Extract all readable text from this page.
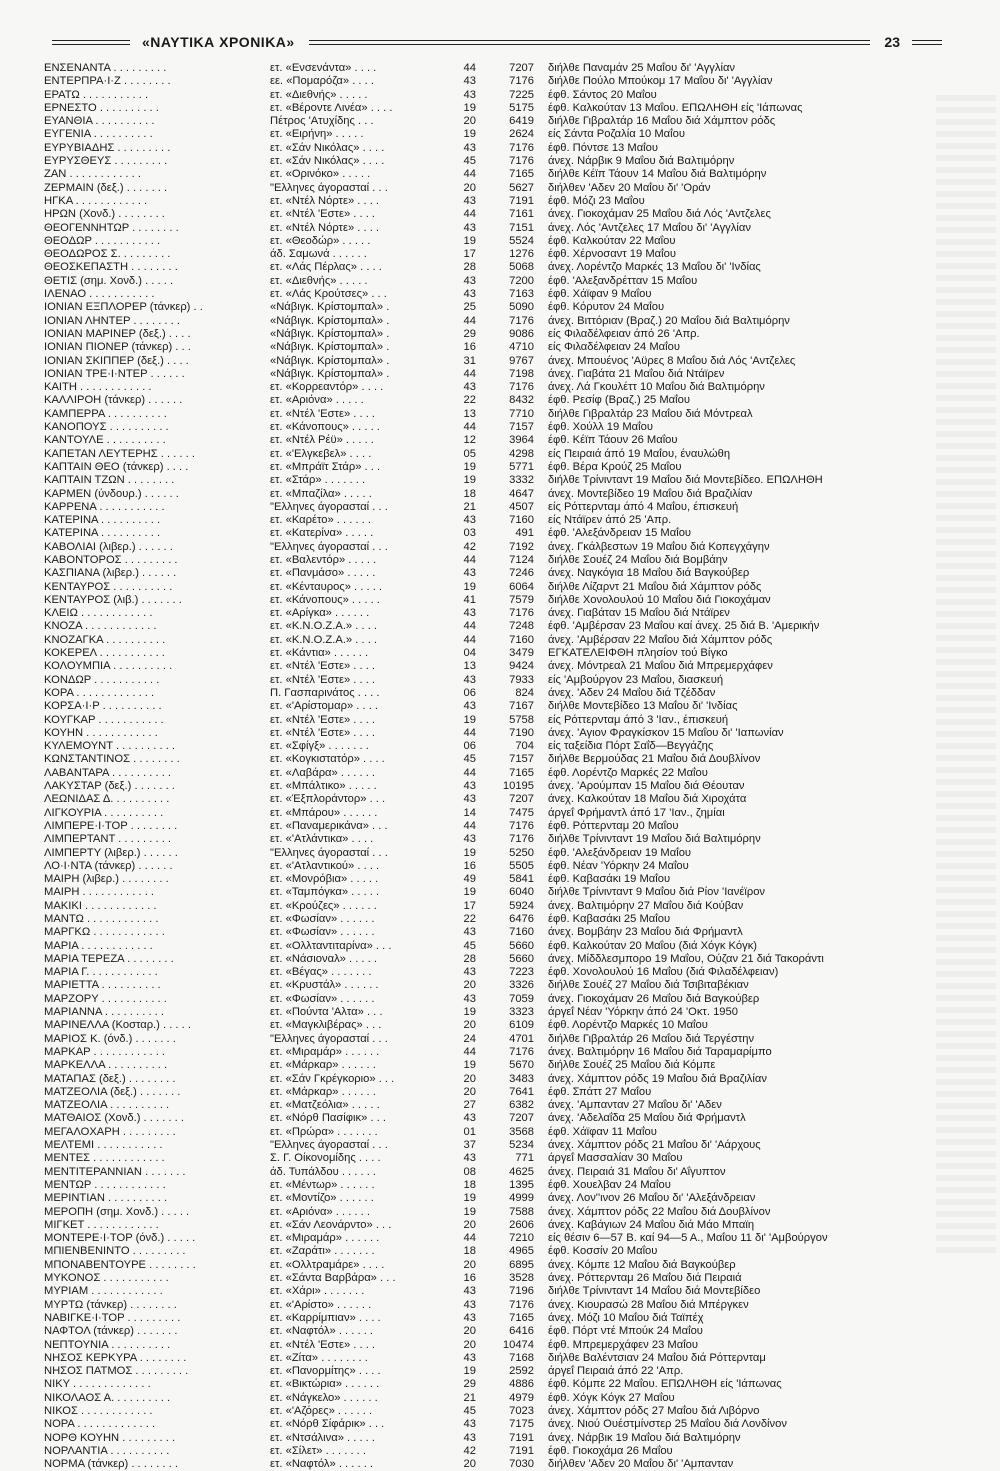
«ΝΑΥΤΙΚΑ ΧΡΟΝΙΚΑ»	23
ΕΝΣΕΝΑΝΤΑ . . . . . . . . .	ετ. «Ενσενάντα» . . . .	44	7207	διήλθε Παναμάν 25 Μαΐου δι' 'Αγγλίαν
ΕΝΤΕΡΠΡΑ·Ι·Ζ . . . . . . . .	εε. «Πομαρόζα» . . . .	43	7176	διήλθε Πούλο Μπούκομ 17 Μαΐου δι' 'Αγγλίαν
ΕΡΑΤΩ . . . . . . . . . . .	ετ. «Διεθνής» . . . . .	43	7225	έφθ. Σάντος 20 Μαΐου
ΕΡΝΕΣΤΟ . . . . . . . . . .	ετ. «Βέροντε Λινέα» . . . .	19	5175	έφθ. Καλκούταν 13 Μαΐου. ΕΠΩΛΗΘΗ είς 'Ιάπωνας
ΕΥΑΝΘΙΑ . . . . . . . . . .	Πέτρος 'Ατυχίδης . . .	20	6419	διήλθε Γιβραλτάρ 16 Μαΐου διά Χάμπτον ρόδς
ΕΥΓΕΝΙΑ . . . . . . . . . .	ετ. «Ειρήνη» . . . . .	19	2624	είς Σάντα Ροζαλία 10 Μαΐου
ΕΥΡΥΒΙΑΔΗΣ . . . . . . . . .	ετ. «Σάν Νικόλας» . . . .	43	7176	έφθ. Πόντσε 13 Μαΐου
ΕΥΡΥΣΘΕΥΣ . . . . . . . . .	ετ. «Σάν Νικόλας» . . . .	45	7176	άνεχ. Νάρβικ 9 Μαΐου διά Βαλτιμόρην
ΖΑΝ . . . . . . . . . . . .	ετ. «Ορινόκο» . . . . .	44	7165	διήλθε Κέϊπ Τάουν 14 Μαΐου διά Βαλτιμόρην
ΖΕΡΜΑΙΝ (δεξ.) . . . . . . .	"Ελληνες άγορασταί . . .	20	5627	διήλθεν 'Αδεν 20 Μαΐου δι' 'Οράν
ΗΓΚΑ . . . . . . . . . . . .	ετ. «Ντέλ Νόρτε» . . . .	43	7191	έφθ. Μόζι 23 Μαΐου
ΗΡΩΝ (Χονδ.) . . . . . . . .	ετ. «Ντέλ 'Εστε» . . . .	44	7161	άνεχ. Γιοκοχάμαν 25 Μαΐου διά Λός 'Αντζελες
ΘΕΟΓΕΝΝΗΤΩΡ . . . . . . . .	ετ. «Ντέλ Νόρτε» . . . .	43	7151	άνεχ. Λός 'Αντζελες 17 Μαΐου δι' 'Αγγλίαν
ΘΕΟΔΩΡ . . . . . . . . . . .	ετ. «Θεοδώρ» . . . . .	19	5524	έφθ. Καλκούταν 22 Μαΐου
ΘΕΟΔΩΡΟΣ Σ. . . . . . . . .	άδ. Σαμωνά . . . . . .	17	1276	έφθ. Χέρνοσαντ 19 Μαΐου
ΘΕΟΣΚΕΠΑΣΤΗ . . . . . . . .	ετ. «Λάς Πέρλας» . . . .	28	5068	άνεχ. Λορέντζο Μαρκές 13 Μαΐου δι' 'Ινδίας
ΘΕΤΙΣ (σημ. Χονδ.) . . . . .	ετ. «Διεθνής» . . . . .	43	7200	έφθ. 'Αλεξανδρέτταν 15 Μαΐου
ΙΛΕΝΑΟ . . . . . . . . . . .	ετ. «Λάς Κρούτσες» . . .	43	7163	έφθ. Χάϊφαν 9 Μαΐου
ΙΟΝΙΑΝ ΕΞΠΛΟΡΕΡ (τάνκερ) . .	«Νάβιγκ. Κρίστομπαλ» .	25	5090	έφθ. Κόρυτον 24 Μαΐου
ΙΟΝΙΑΝ ΛΗΝΤΕΡ . . . . . . . .	«Νάβιγκ. Κρίστομπαλ» .	44	7176	άνεχ. Βιττόριαν (Βραζ.) 20 Μαΐου διά Βαλτιμόρην
ΙΟΝΙΑΝ ΜΑΡΙΝΕΡ (δεξ.) . . . .	«Νάβιγκ. Κρίστομπαλ» .	29	9086	είς Φιλαδέλφειαν άπό 26 'Απρ.
ΙΟΝΙΑΝ ΠΙΟΝΕΡ (τάνκερ) . . .	«Νάβιγκ. Κρίστομπαλ» .	16	4710	είς Φιλαδέλφειαν 24 Μαΐου
ΙΟΝΙΑΝ ΣΚΙΠΠΕΡ (δεξ.) . . . .	«Νάβιγκ. Κρίστομπαλ» .	31	9767	άνεχ. Μπουένος 'Αϋρες 8 Μαΐου διά Λός 'Αντζελες
ΙΟΝΙΑΝ ΤΡΕ·Ι·ΝΤΕΡ . . . . . .	«Νάβιγκ. Κρίστομπαλ» .	44	7198	άνεχ. Γιαβάτα 21 Μαΐου διά Ντάϊρεν
ΚΑΙΤΗ . . . . . . . . . . . .	ετ. «Κορρεαντόρ» . . . .	43	7176	άνεχ. Λά Γκουλέττ 10 Μαΐου διά Βαλτιμόρην
ΚΑΛΛΙΡΟΗ (τάνκερ) . . . . . .	ετ. «Αριόνα» . . . . .	22	8432	έφθ. Ρεσίφ (Βραζ.) 25 Μαΐου
ΚΑΜΠΕΡΡΑ . . . . . . . . . .	ετ. «Ντέλ 'Εστε» . . . .	13	7710	διήλθε Γιβραλτάρ 23 Μαΐου διά Μόντρεαλ
ΚΑΝΟΠΟΥΣ . . . . . . . . . .	ετ. «Κάνοπους» . . . . .	44	7157	έφθ. Χούλλ 19 Μαΐου
ΚΑΝΤΟΥΛΕ . . . . . . . . . .	ετ. «Ντέλ Ρέϋ» . . . . .	12	3964	έφθ. Κέϊπ Τάουν 26 Μαΐου
ΚΑΠΕΤΑΝ ΛΕΥΤΕΡΗΣ . . . . . .	ετ. «'Ελγκεβελ» . . . .	05	4298	είς Πειραιά άπό 19 Μαΐου, έναυλώθη
ΚΑΠΤΑΙΝ ΘΕΟ (τάνκερ) . . . .	ετ. «Μπράϊτ Στάρ» . . .	19	5771	έφθ. Βέρα Κρούζ 25 Μαΐου
ΚΑΠΤΑΙΝ ΤΖΩΝ . . . . . . . .	ετ. «Στάρ» . . . . . . .	19	3332	διήλθε Τρίνινταντ 19 Μαΐου διά Μοντεβίδεο. ΕΠΩΛΗΘΗ
ΚΑΡΜΕΝ (ύνδουρ.) . . . . . .	ετ. «Μπαζίλα» . . . . .	18	4647	άνεχ. Μοντεβίδεο 19 Μαΐου διά Βραζιλίαν
ΚΑΡΡΕΝΑ . . . . . . . . . . .	"Ελληνες άγορασταί . . .	21	4507	είς Ρόττερνταμ άπό 4 Μαΐου, έπισκευή
ΚΑΤΕΡΙΝΑ . . . . . . . . . .	ετ. «Καρέτο» . . . . . .	43	7160	είς Ντάϊρεν άπό 25 'Απρ.
ΚΑΤΕΡΙΝΑ . . . . . . . . . .	ετ. «Κατερίνα» . . . . .	03	491	έφθ. 'Αλεξάνδρειαν 15 Μαΐου
ΚΑΒΟΛΙΑΙ (λιβερ.) . . . . . .	"Ελληνες άγορασταί . . .	42	7192	άνεχ. Γκάλβεστων 19 Μαΐου διά Κοπεγχάγην
ΚΑΒΟΝΤΟΡΟΣ . . . . . . . . .	ετ. «Βαλεντόρ» . . . . .	44	7124	διήλθε Σουέζ 24 Μαΐου διά Βομβάην
ΚΑΣΠΙΑΝΑ (λιβερ.) . . . . . .	ετ. «Πανμάσο» . . . . .	43	7246	άνεχ. Ναγκόγια 18 Μαΐου διά Βαγκούβερ
ΚΕΝΤΑΥΡΟΣ . . . . . . . . . .	ετ. «Κένταυρος» . . . . .	19	6064	διήλθε Λίζαρντ 21 Μαΐου διά Χάμπτον ρόδς
ΚΕΝΤΑΥΡΟΣ (λιβ.) . . . . . . .	ετ. «Κάνοπους» . . . . .	41	7579	διήλθε Χονολουλού 10 Μαΐου διά Γιοκοχάμαν
ΚΛΕΙΩ . . . . . . . . . . . .	ετ. «Αρίγκα» . . . . . .	43	7176	άνεχ. Γιαβάταν 15 Μαΐου διά Ντάϊρεν
ΚΝΟΖΑ . . . . . . . . . . . .	ετ. «Κ.Ν.Ο.Ζ.Α.» . . . .	44	7248	έφθ. 'Αμβέρσαν 23 Μαΐου καί άνεχ. 25 διά Β. 'Αμερικήν
ΚΝΟΖΑΓΚΑ . . . . . . . . . .	ετ. «Κ.Ν.Ο.Ζ.Α.» . . . .	44	7160	άνεχ. 'Αμβέρσαν 22 Μαΐου διά Χάμπτον ρόδς
ΚΟΚΕΡΕΛ . . . . . . . . . . .	ετ. «Κάντια» . . . . . .	04	3479	ΕΓΚΑΤΕΛΕΙΦΘΗ πλησίον τού Βίγκο
ΚΟΛΟΥΜΠΙΑ . . . . . . . . . .	ετ. «Ντέλ 'Εστε» . . . .	13	9424	άνεχ. Μόντρεαλ 21 Μαΐου διά Μπρεμερχάφεν
ΚΟΝΔΩΡ . . . . . . . . . . .	ετ. «Ντέλ 'Εστε» . . . .	43	7933	είς 'Αμβούργον 23 Μαΐου, διασκευή
ΚΟΡΑ . . . . . . . . . . . . .	Π. Γασπαρινάτος . . . .	06	824	άνεχ. 'Αδεν 24 Μαΐου διά Τζέδδαν
ΚΟΡΣΑ·Ι·Ρ . . . . . . . . . .	ετ. «'Αρίστομαρ» . . . .	43	7167	διήλθε Μοντεβίδεο 13 Μαΐου δι' 'Ινδίας
ΚΟΥΓΚΑΡ . . . . . . . . . . .	ετ. «Ντέλ 'Εστε» . . . .	19	5758	είς Ρόττερνταμ άπό 3 'Ιαν., έπισκευή
ΚΟΥΗΝ . . . . . . . . . . . .	ετ. «Ντέλ 'Εστε» . . . .	44	7190	άνεχ. 'Αγιον Φραγκίσκον 15 Μαΐου δι' 'Ιαπωνίαν
ΚΥΛΕΜΟΥΝΤ . . . . . . . . . .	ετ. «Σφίγξ» . . . . . . .	06	704	είς ταξείδια Πόρτ Σαΐδ—Βεγγάζης
ΚΩΝΣΤΑΝΤΙΝΟΣ . . . . . . . .	ετ. «Κογκιστατόρ» . . . .	45	7157	διήλθε Βερμούδας 21 Μαΐου διά Δουβλίνον
ΛΑΒΑΝΤΑΡΑ . . . . . . . . . .	ετ. «Λαβάρα» . . . . . .	44	7165	έφθ. Λορέντζο Μαρκές 22 Μαΐου
ΛΑΚΥΣΤΑΡ (δεξ.) . . . . . . .	ετ. «Μπάλτικο» . . . . .	43	10195	άνεχ. 'Αρούμπαν 15 Μαΐου διά Θέουταν
ΛΕΩΝΙΔΑΣ Δ. . . . . . . . . .	ετ. «Έξπλοράντορ» . . .	43	7207	άνεχ. Καλκούταν 18 Μαΐου διά Χιροχάτα
ΛΙΓΚΟΥΡΙΑ . . . . . . . . . .	ετ. «Μπάρου» . . . . . .	14	7475	άργεΐ Φρήμαντλ άπό 17 'Ιαν., ζημίαι
ΛΙΜΠΕΡΕ·Ι·ΤΟΡ . . . . . . . .	ετ. «Παναμερικάνα» . . .	44	7176	έφθ. Ρόττερνταμ 20 Μαΐου
ΛΙΜΠΕΡΤΑΝΤ . . . . . . . . .	ετ. «'Ατλάντικα» . . . .	43	7176	διήλθε Τρίνινταντ 19 Μαΐου διά Βαλτιμόρην
ΛΙΜΠΕΡΤΥ (λιβερ.) . . . . . .	"Ελληνες άγορασταί . . .	19	5250	έφθ. 'Αλεξάνδρειαν 19 Μαΐου
ΛΟ·Ι·ΝΤΑ (τάνκερ) . . . . . .	ετ. «'Ατλαντικού» . . . .	16	5505	έφθ. Νέαν 'Υόρκην 24 Μαΐου
ΜΑΙΡΗ (λιβερ.) . . . . . . . .	ετ. «Μονρόβια» . . . . .	49	5841	έφθ. Καβασάκι 19 Μαΐου
ΜΑΙΡΗ . . . . . . . . . . . .	ετ. «Ταμπόγκα» . . . . .	19	6040	διήλθε Τρίνινταντ 9 Μαΐου διά Ρίον 'Ιανέϊρον
ΜΑΚΙΚΙ . . . . . . . . . . . .	ετ. «Κρούζες» . . . . . .	17	5924	άνεχ. Βαλτιμόρην 27 Μαΐου διά Κούβαν
ΜΑΝΤΩ . . . . . . . . . . . .	ετ. «Φωσίαν» . . . . . .	22	6476	έφθ. Καβασάκι 25 Μαΐου
ΜΑΡΓΚΩ . . . . . . . . . . . .	ετ. «Φωσίαν» . . . . . .	43	7160	άνεχ. Βομβάην 23 Μαΐου διά Φρήμαντλ
ΜΑΡΙΑ . . . . . . . . . . . .	ετ. «Ολλταντιταρίνα» . . .	45	5660	έφθ. Καλκούταν 20 Μαΐου (διά Χόγκ Κόγκ)
ΜΑΡΙΑ ΤΕΡΕΖΑ . . . . . . . .	ετ. «Νάσιοναλ» . . . . .	28	5660	άνεχ. Μίδδλεσμπορο 19 Μαΐου, Ούζαν 21 διά Τακοράντι
ΜΑΡΙΑ Γ. . . . . . . . . . . .	ετ. «Βέγας» . . . . . . .	43	7223	έφθ. Χονολουλού 16 Μαΐου (διά Φιλαδέλφειαν)
ΜΑΡΙΕΤΤΑ . . . . . . . . . .	ετ. «Κρυστάλ» . . . . . .	20	3326	διήλθε Σουέζ 27 Μαΐου διά Τσιβιταβέκιαν
ΜΑΡΖΟΡΥ . . . . . . . . . . .	ετ. «Φωσίαν» . . . . . .	43	7059	άνεχ. Γιοκοχάμαν 26 Μαΐου διά Βαγκούβερ
ΜΑΡΙΑΝΝΑ . . . . . . . . . .	ετ. «Πούντα 'Αλτα» . . .	19	3323	άργεΐ Νέαν 'Υόρκην άπό 24 'Οκτ. 1950
ΜΑΡΙΝΕΛΛΑ (Κοσταρ.) . . . . .	ετ. «Μαγκλιβέρας» . . .	20	6109	έφθ. Λορέντζο Μαρκές 10 Μαΐου
ΜΑΡΙΟΣ Κ. (όνδ.) . . . . . . .	"Ελληνες άγορασταί . . .	24	4701	διήλθε Γιβραλτάρ 26 Μαΐου διά Τεργέστην
ΜΑΡΚΑΡ . . . . . . . . . . . .	ετ. «Μιραμάρ» . . . . . .	44	7176	άνεχ. Βαλτιμόρην 16 Μαΐου διά Ταραμαρίμπο
ΜΑΡΚΕΛΛΑ . . . . . . . . . .	ετ. «Μάρκαρ» . . . . . .	19	5670	διήλθε Σουέζ 25 Μαΐου διά Κόμπε
ΜΑΤΑΠΑΣ (δεξ.) . . . . . . . .	ετ. «Σάν Γκρέγκοριο» . . .	20	3483	άνεχ. Χάμπτον ρόδς 19 Μαΐου διά Βραζιλίαν
ΜΑΤΖΕΟΛΙΑ (δεξ.) . . . . . . .	ετ. «Μάρκαρ» . . . . . .	20	7641	έφθ. Σπάττ 27 Μαΐου
ΜΑΤΖΕΟΛΙΑ . . . . . . . . . .	ετ. «Ματζεόλια» . . . . .	27	6382	άνεχ. 'Αμπανταν 27 Μαΐου δι' 'Αδεν
ΜΑΤΘΑΙΟΣ (Χονδ.) . . . . . . .	ετ. «Νόρθ Πασίφικ» . . .	43	7207	άνεχ. 'Αδελαΐδα 25 Μαΐου διά Φρήμαντλ
ΜΕΓΑΛΟΧΑΡΗ . . . . . . . . .	ετ. «Πρώρα» . . . . . . .	01	3568	έφθ. Χάϊφαν 11 Μαΐου
ΜΕΛΤΕΜΙ . . . . . . . . . . .	"Ελληνες άγορασταί . . .	37	5234	άνεχ. Χάμπτον ρόδς 21 Μαΐου δι' 'Αάρχους
ΜΕΝΤΕΣ . . . . . . . . . . . .	Σ. Γ. Οίκονομίδης . . . .	43	771	άργεΐ Μασσαλίαν 30 Μαΐου
ΜΕΝΤΙΤΕΡΑΝΝΙΑΝ . . . . . . .	άδ. Τυπάλδου . . . . . .	08	4625	άνεχ. Πειραιά 31 Μαΐου δι' Αΐγυπτον
ΜΕΝΤΩΡ . . . . . . . . . . . .	ετ. «Μέντωρ» . . . . . .	18	1395	έφθ. Χουελβαν 24 Μαΐου
ΜΕΡΙΝΤΙΑΝ . . . . . . . . . .	ετ. «Μοντίζο» . . . . . .	19	4999	άνεχ. Λον''ινον 26 Μαΐου δι' 'Αλεξάνδρειαν
ΜΕΡΟΠΗ (σημ. Χονδ.) . . . . .	ετ. «Αριόνα» . . . . . .	19	7588	άνεχ. Χάμπτον ρόδς 22 Μαΐου διά Δουβλίνον
ΜΙΓΚΕΤ . . . . . . . . . . . .	ετ. «Σάν Λεονάρντο» . . .	20	2606	άνεχ. Καβάγιων 24 Μαΐου διά Μάο Μπαϊη
ΜΟΝΤΕΡΕ·Ι·ΤΟΡ (όνδ.) . . . . .	ετ. «Μιραμάρ» . . . . . .	44	7210	είς θέσιν 6—57 Β. καί 94—5 Α., Μαΐου 11 δι' 'Αμβούργον
ΜΠΙΕΝΒΕΝΙΝΤΟ . . . . . . . . .	ετ. «Ζαράτι» . . . . . . .	18	4965	έφθ. Κοσσίν 20 Μαΐου
ΜΠΟΝΑΒΕΝΤΟΥΡΕ . . . . . . . .	ετ. «Ολλτραμάρε» . . . .	20	6895	άνεχ. Κόμπε 12 Μαΐου διά Βαγκούβερ
ΜΥΚΟΝΟΣ . . . . . . . . . . .	ετ. «Σάντα Βαρβάρα» . . .	16	3528	άνεχ. Ρόττερνταμ 26 Μαΐου διά Πειραιά
ΜΥΡΙΑΜ . . . . . . . . . . . .	ετ. «Χάρι» . . . . . . .	43	7196	διήλθε Τρίνινταντ 14 Μαΐου διά Μοντεβίδεο
ΜΥΡΤΩ (τάνκερ) . . . . . . . .	ετ. «'Αρίστο» . . . . . .	43	7176	άνεχ. Κιουρασώ 28 Μαΐου διά Μπέργκεν
ΝΑΒΙΓΚΕ·Ι·ΤΟΡ . . . . . . . . .	ετ. «Καρρίμπιαν» . . . .	43	7165	άνεχ. Μόζι 10 Μαΐου διά Ταϊπέχ
ΝΑΦΤΟΛ (τάνκερ) . . . . . . .	ετ. «Ναφτόλ» . . . . . .	20	6416	έφθ. Πόρτ ντέ Μπούκ 24 Μαΐου
ΝΕΠΤΟΥΝΙΑ . . . . . . . . . .	ετ. «Ντέλ 'Εστε» . . . .	20	10474	έφθ. Μπρεμερχάφεν 23 Μαΐου
ΝΗΣΟΣ ΚΕΡΚΥΡΑ . . . . . . . .	ετ. «Ζίτα» . . . . . . . .	43	7168	διήλθε Βαλέντσιαν 24 Μαΐου διά Ρόττερνταμ
ΝΗΣΟΣ ΠΑΤΜΟΣ . . . . . . . . .	ετ. «Πανορμίτης» . . . .	19	2592	άργεΐ Πειραιά άπό 22 'Απρ.
ΝΙΚΥ . . . . . . . . . . . . .	ετ. «Βικτώρια» . . . . . .	29	4886	έφθ. Κόμπε 22 Μαΐου. ΕΠΩΛΗΘΗ είς 'Ιάπωνας
ΝΙΚΟΛΑΟΣ Α. . . . . . . . . .	ετ. «Νάγκελο» . . . . . .	21	4979	έφθ. Χόγκ Κόγκ 27 Μαΐου
ΝΙΚΟΣ . . . . . . . . . . . .	ετ. «'Αζόρες» . . . . . .	45	7023	άνεχ. Χάμπτον ρόδς 27 Μαΐου διά Λιβόρνο
ΝΟΡΑ . . . . . . . . . . . . .	ετ. «Νόρθ Σίφάρικ» . . .	43	7175	άνεχ. Νιού Ουέστμίνστερ 25 Μαΐου διά Λονδίνον
ΝΟΡΘ ΚΟΥΗΝ . . . . . . . . .	ετ. «Ντσάλινα» . . . . .	43	7191	άνεχ. Νάρβικ 19 Μαΐου διά Βαλτιμόρην
ΝΟΡΛΑΝΤΙΑ . . . . . . . . . .	ετ. «Σίλετ» . . . . . . .	42	7191	έφθ. Γιοκοχάμα 26 Μαΐου
ΝΟΡΜΑ (τάνκερ) . . . . . . . .	ετ. «Ναφτόλ» . . . . . .	20	7030	διήλθεν 'Αδεν 20 Μαΐου δι' 'Αμπανταν
